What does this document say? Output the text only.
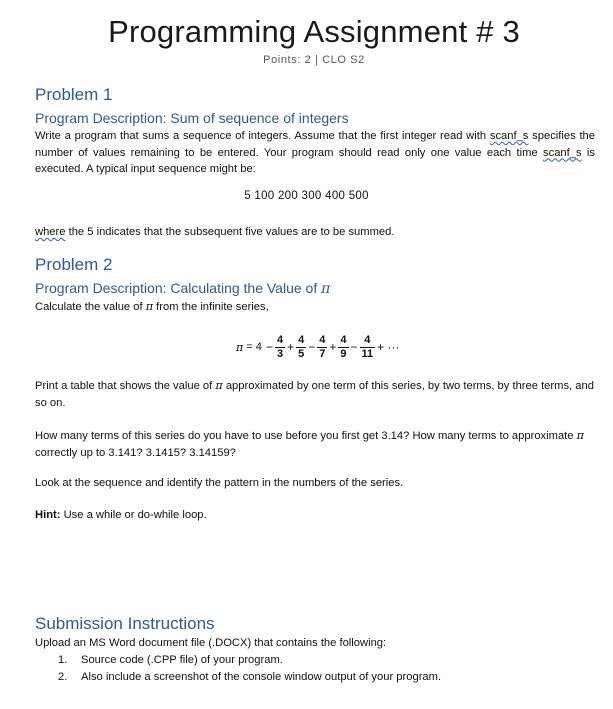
Programming Assignment # 3
Points: 2 | CLO S2
Problem 1
Program Description: Sum of sequence of integers
Write a program that sums a sequence of integers. Assume that the first integer read with scanf_s specifies the number of values remaining to be entered. Your program should read only one value each time scanf_s is executed. A typical input sequence might be:
5 100 200 300 400 500
where the 5 indicates that the subsequent five values are to be summed.
Problem 2
Program Description: Calculating the Value of π
Calculate the value of π from the infinite series,
$\pi = 4 - \frac{4}{3} + \frac{4}{5} - \frac{4}{7} + \frac{4}{9} - \frac{4}{11}$ + ···
Print a table that shows the value of π approximated by one term of this series, by two terms, by three terms, and so on.
How many terms of this series do you have to use before you first get 3.14? How many terms to approximate π correctly up to 3.141? 3.1415? 3.14159?
Look at the sequence and identify the pattern in the numbers of the series.
Hint: Use a while or do-while loop.
Submission Instructions
Upload an MS Word document file (.DOCX) that contains the following:
1. Source code (.CPP file) of your program.
2. Also include a screenshot of the console window output of your program.
